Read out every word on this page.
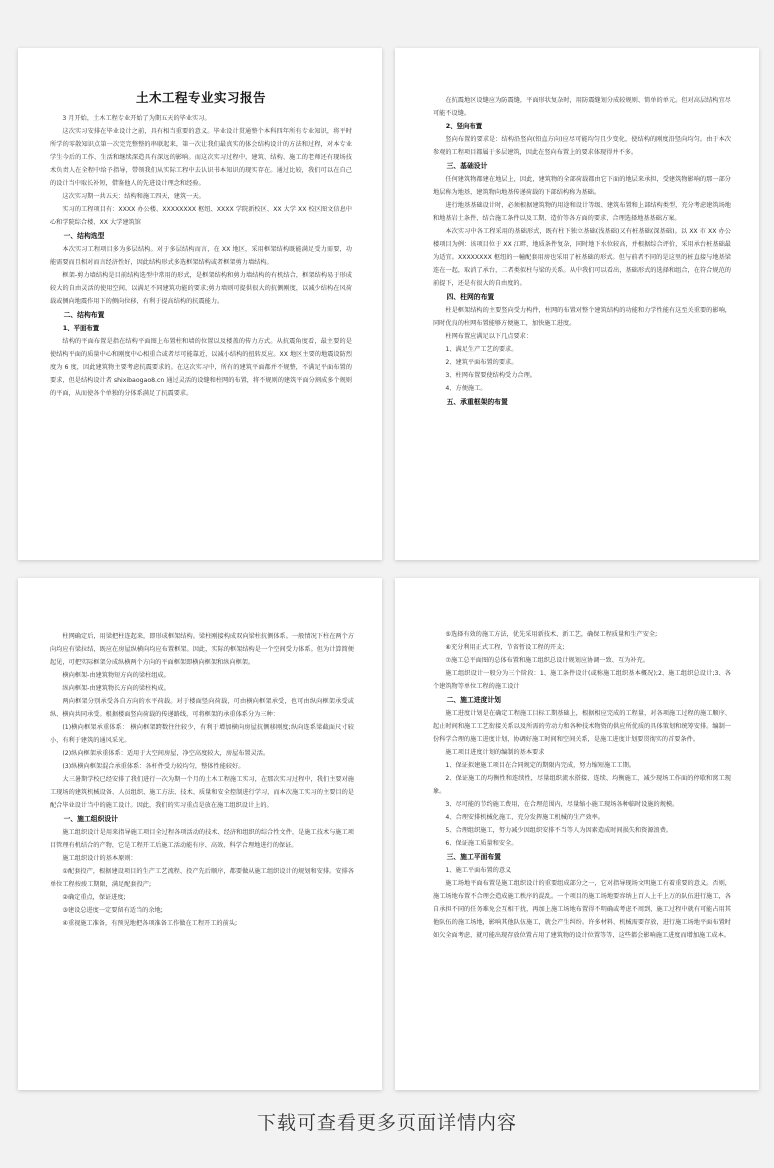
土木工程专业实习报告
3 月开始，土木工程专业开始了为期五天的毕业实习。
这次实习安排在毕业设计之前，具有相当重要的意义。毕业设计贯通整个本科四年所有专业知识，将平时所学的零散知识点第一次完完整整的串联起来，第一次让我们最真实的体会结构设计的方法和过程，对本专业学生今后的工作、生活和继续深造具有深远的影响。而这次实习过程中，建筑、结构、施工的老师还有现场技术负责人在全程中给予指导，带领我们从实际工程中去认识书本知识的现实存在。通过比较，我们可以在自己的设计当中取长补短，借鉴他人的先进设计理念和经验。
这次实习期一共五天：结构和施工四天，建筑一天。
实习的工程项目有：XXXX 办公楼、XXXXXXXX 枢纽、XXXX 学院新校区、XX 大学 XX 校区图文信息中心和学院综合楼、XX 大学建筑馆
一、结构选型
本次实习工程项目多为多层结构。对于多层结构而言，在 XX 地区，采用框架结构既能满足受力需要，功能需要而且相对而言经济性好，因此结构形式多选框架结构或者框架剪力墙结构。
框架-剪力墙结构是目前结构选型中常用的形式，是框架结构和剪力墙结构的有机结合，框架结构易于形成较大的自由灵活的使用空间，以满足不同建筑功能的要求;剪力墙则可提供很大的抗侧刚度，以减少结构在风荷载或侧向地震作用下的侧向位移，有利于提高结构的抗震能力。
二、结构布置
1、平面布置
结构的平面布置是指在结构平面图上布置柱和墙的位置以及楼盖的传力方式。从抗震角度看，最主要的是使结构平面的质量中心和刚度中心相重合或者尽可能靠近，以减小结构的扭转反应。XX 地区主要的地震设防烈度为 6 度，因此建筑物主要考虑抗震要求的。在这次实习中，所有的建筑平面都并不规整，不满足平面布置的要求，但是结构设计者 shixibaogao8.cn 通过灵活的设缝和柱网的布置，将不规则的建筑平面分割成多个规则的平面，从而使各个单独的分体系满足了抗震要求。
在抗震地区设缝应为防震缝，平面形状复杂时，用防震缝划分成较规则、简单的单元。但对高层结构宜尽可能不设缝。
2、竖向布置
竖向布置的要求是：结构沿竖向(铅直方向)应尽可能均匀且少变化，使结构的刚度沿竖向均匀。由于本次参观的工程项目都属于多层建筑，因此在竖向布置上的要求体现得并不多。
三、基础设计
任何建筑物都建在地层上，因此，建筑物的全部荷载都由它下面的地层来承担，受建筑物影响的那一部分地层称为地基，建筑物向地基传递荷载的下部结构称为基础。
进行地基基础设计时，必须根据建筑物的用途和设计等级、建筑布置和上部结构类型，充分考虑建筑场地和地基岩土条件，结合施工条件以及工期、造价等各方面的要求，合理选择地基基础方案。
本次实习中各工程采用的基础形式，既有柱下独立基础(浅基础)又有桩基础(深基础)。以 XX 市 XX 办公楼项目为例：该项目位于 XX 江畔，地质条件复杂，同时地下水位较高，并根据综合评价，采用承台桩基础最为适宜。XXXXXXXX 枢纽的一幢配套用房也采用了桩基础的形式。但与前者不同的是这里的桩直接与地基梁连在一起，取消了承台，二者类似柱与梁的关系。从中我们可以看出，基础形式的选择和组合，在符合规范的前提下，还是有很大的自由度的。
四、柱网的布置
柱是框架结构的主要竖向受力构件，柱网的布置对整个建筑结构的功能和力学性能有这至关重要的影响，同时优良的柱网布置能够方便施工，加快施工进度。
柱网布置应满足以下几点要求：
1、满足生产工艺的要求。
2、建筑平面布置的要求。
3、柱网布置要使结构受力合理。
4、方便施工。
五、承重框架的布置
柱网确定后，用梁把柱连起来，即形成框架结构。梁柱刚接构成双向梁柱抗侧体系。一般情况下柱在两个方向均应有梁拉结，既应在房屋纵横向均应布置框架。因此，实际的框架结构是一个空间受力体系。但为计算简便起见，可把实际框架分成纵横两个方向的平面框架即横向框架和纵向框架。
横向框架-由建筑物短方向的梁柱组成。
纵向框架-由建筑物长方向的梁柱构成。
两向框架分别承受各自方向的水平荷载。对于楼面竖向荷载，可由横向框架承受，也可由纵向框架承受或纵、横向共同承受。根据楼面竖向荷载的传递路线，可将框架的承重体系分为三种：
(1)横向框架承重体系： 横向框架跨数往往较少，有利于增加横向房屋抗侧移刚度;纵向连系梁截面尺寸较小，有利于建筑的通风采光。
(2)纵向框架承重体系：适用于大空间房屋，净空高度较大，房屋布置灵活。
(3)纵横向框架混合承重体系：各杆件受力较均匀，整体性能较好。
大三暑期学校已经安排了我们进行一次为期一个月的土木工程施工实习，在那次实习过程中，我们主要对施工现场的建筑机械设备、人员组织、施工方法、技术、质量和安全控制进行学习，而本次施工实习的主要目的是配合毕业设计当中的施工设计。因此，我们的实习重点是放在施工组织设计上的。
一、施工组织设计
施工组织设计是用来指导施工项目全过程各项活动的技术、经济和组织的综合性文件，是施工技术与施工项目管理有机结合的产物，它是工程开工后施工活动能有序、高效、科学合理地进行的保证。
施工组织设计的基本原则：
①配套投产，根据建设项目的生产工艺流程、投产先后顺序，都要做从施工组织设计的规划和安排。安排各单位工程按竣工期限，满足配套投产;
②确定重点，保证进度;
③建设总进度一定要留有适当的余地;
④重视施工准备，有预见地把各项准备工作做在工程开工的前头;
⑤选择有效的施工方法，优先采用新技术、新工艺，确保工程质量和生产安全;
⑥充分利用正式工程，节省暂设工程的开支;
⑦施工总平面图的总体布置和施工组织总设计规划应协调一致、互为补充。
施工组织设计一般分为三个阶段：1、施工条件设计(或称施工组织基本概况);2、施工组织总设计;3、各个建筑物等单位工程的施工设计
二、施工进度计划
施工进度计划是在确定工程施工目标工期基础上，根据相应完成的工程量，对各项施工过程的施工顺序、起止时间和施工工艺衔接关系以及所需的劳动力和各种技术物资的供应所优质的具体策划和统筹安排。编制一份科学合理的施工进度计划，协调好施工时间和空间关系，是施工进度计划要贯彻实的首要条件。
施工项目进度计划的编制的基本要求
1、保证拟建施工项目在合同规定的期限内完成，努力缩短施工工期。
2、保证施工的均衡性和连续性，尽量组织流水搭接、连续、均衡施工，减少现场工作面的停歇和窝工现象。
3、尽可能的节约施工费用，在合理范围内，尽量缩小施工现场各种临时设施的规模。
4、合理安排机械化施工，充分发挥施工机械的生产效率。
5、合理组织施工，努力减少因组织安排不当等人为因素造成时间损失和资源浪费。
6、保证施工质量和安全。
三、施工平面布置
1、施工平面布置的意义
施工场地平面布置是施工组织设计的重要组成部分之一，它对指导现场文明施工有着重要的意义。否则，施工场地布置不合理会造成施工秩序的混乱。一个项目的施工场地要容纳上百人上千上万的队伍进行施工，各自承担不同的任务难免会互相干扰，再加上施工场地布置得不明确或考虑不周到，施工过程中就有可能占用其他队伍的施工场地，影响其他队伍施工，就会产生纠纷。许多材料、机械需要存放，进行施工场地平面布置时如欠全面考虑，就可能出现存放位置占用了建筑物的设计位置等等，这些都会影响施工进度而增加施工成本。
下载可查看更多页面详情内容
